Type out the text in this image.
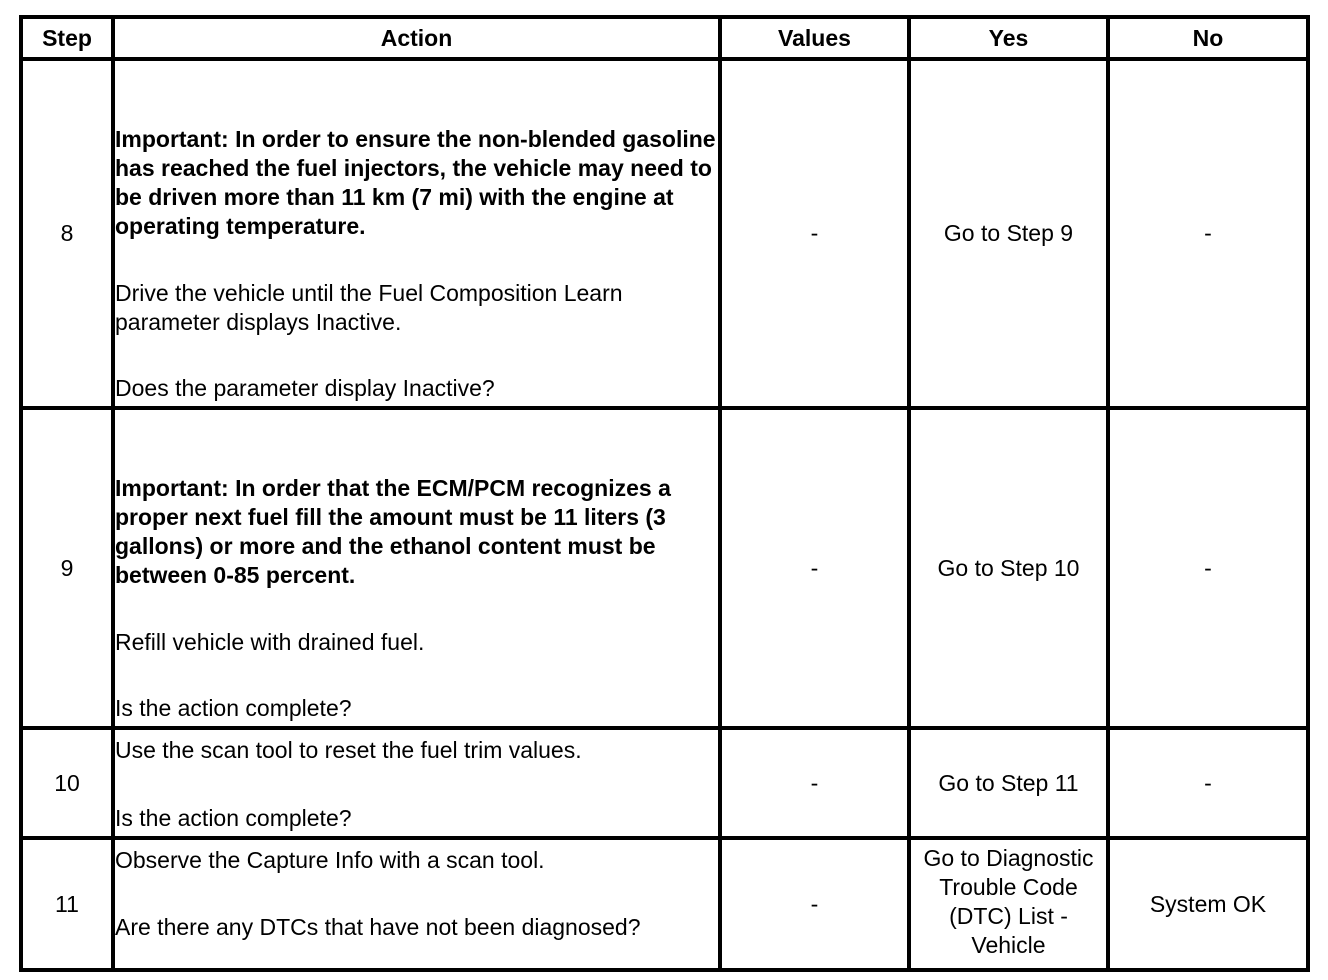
Step	Action	Values	Yes	No
8	Important: In order to ensure the non-blended gasoline has reached the fuel injectors, the vehicle may need to be driven more than 11 km (7 mi) with the engine at operating temperature.
Drive the vehicle until the Fuel Composition Learn parameter displays Inactive.
Does the parameter display Inactive?	-	Go to Step 9	-
9	Important: In order that the ECM/PCM recognizes a proper next fuel fill the amount must be 11 liters (3 gallons) or more and the ethanol content must be between 0-85 percent.
Refill vehicle with drained fuel.
Is the action complete?	-	Go to Step 10	-
10	Use the scan tool to reset the fuel trim values.
Is the action complete?	-	Go to Step 11	-
11	Observe the Capture Info with a scan tool.
Are there any DTCs that have not been diagnosed?	-	Go to Diagnostic Trouble Code (DTC) List - Vehicle	System OK
